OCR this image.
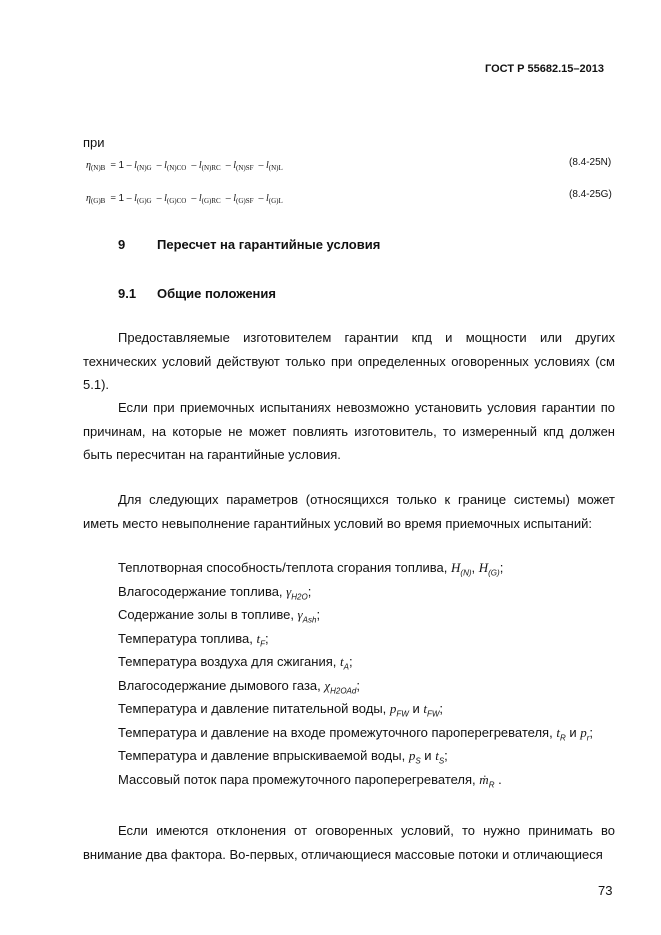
ГОСТ Р 55682.15–2013
при
$\eta_{(N)B} = 1 - l_{(N)G} - l_{(N)CO} - l_{(N)RC} - l_{(N)SF} - l_{(N)L}$	(8.4-25N)
$\eta_{(G)B} = 1 - l_{(G)G} - l_{(G)CO} - l_{(G)RC} - l_{(G)SF} - l_{(G)L}$
(8.4-25G)
9 Пересчет на гарантийные условия
9.1 Общие положения
Предоставляемые изготовителем гарантии кпд и мощности или других технических условий действуют только при определенных оговоренных условиях (см 5.1).
Если при приемочных испытаниях невозможно установить условия гарантии по причинам, на которые не может повлиять изготовитель, то измеренный кпд должен быть пересчитан на гарантийные условия.
Для следующих параметров (относящихся только к границе системы) может иметь место невыполнение гарантийных условий во время приемочных испытаний:
Теплотворная способность/теплота сгорания топлива, $H_{(N)}$, $H_{(G)}$;
Влагосодержание топлива, $\gamma_{H2O}$;
Содержание золы в топливе, $\gamma_{Ash}$;
Температура топлива, $t_F$;
Температура воздуха для сжигания, $t_A$;
Влагосодержание дымового газа, $\chi_{H2OAd}$;
Температура и давление питательной воды, $p_{FW}$ и $t_{FW}$;
Температура и давление на входе промежуточного пароперегревателя, $t_R$ и $p_r$;
Температура и давление впрыскиваемой воды, $p_S$ и $t_S$;
Массовый поток пара промежуточного пароперегревателя, ṁ$_R$ .
Если имеются отклонения от оговоренных условий, то нужно принимать во внимание два фактора. Во-первых, отличающиеся массовые потоки и отличающиеся
73
